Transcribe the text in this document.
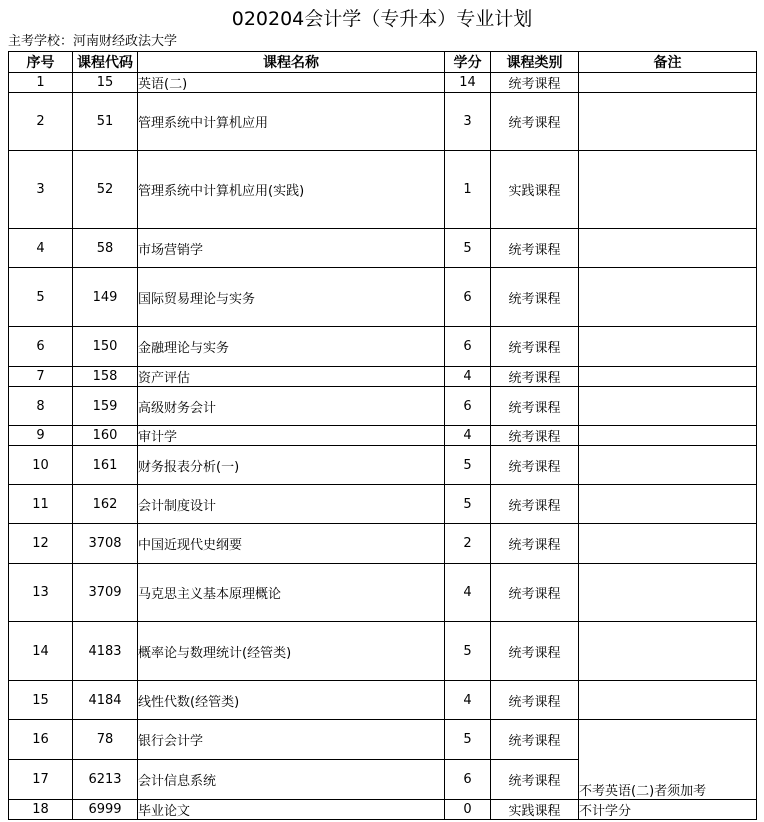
020204会计学（专升本）专业计划
主考学校：河南财经政法大学
序号	课程代码	课程名称	学分	课程类别	备注
1	15	英语(二)	14	统考课程	
2	51	管理系统中计算机应用	3	统考课程	
3	52	管理系统中计算机应用(实践)	1	实践课程	
4	58	市场营销学	5	统考课程	
5	149	国际贸易理论与实务	6	统考课程	
6	150	金融理论与实务	6	统考课程	
7	158	资产评估	4	统考课程	
8	159	高级财务会计	6	统考课程	
9	160	审计学	4	统考课程	
10	161	财务报表分析(一)	5	统考课程	
11	162	会计制度设计	5	统考课程	
12	3708	中国近现代史纲要	2	统考课程	
13	3709	马克思主义基本原理概论	4	统考课程	
14	4183	概率论与数理统计(经管类)	5	统考课程	
15	4184	线性代数(经管类)	4	统考课程	
16	78	银行会计学	5	统考课程	不考英语(二)者须加考
17	6213	会计信息系统	6	统考课程	
18	6999	毕业论文	0	实践课程	不计学分
